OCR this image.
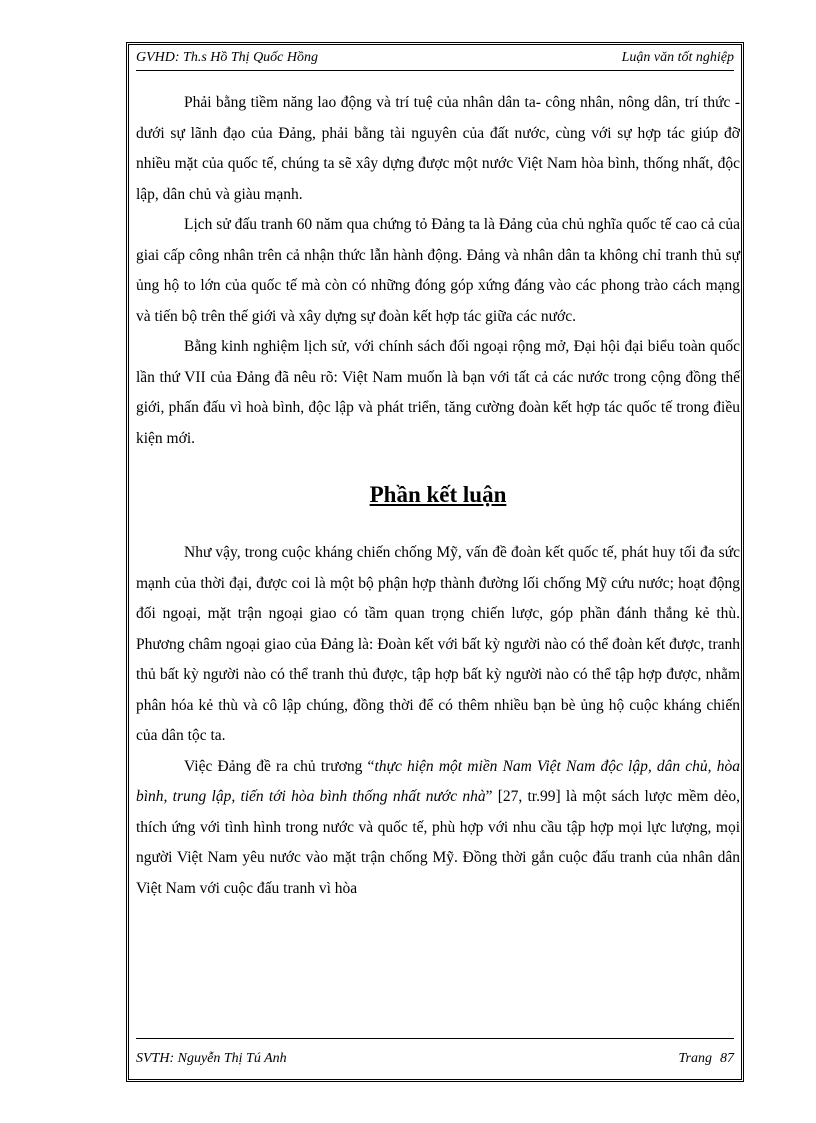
GVHD: Th.s Hồ Thị Quốc Hồng	Luận văn tốt nghiệp

Phải bằng tiềm năng lao động và trí tuệ của nhân dân ta- công nhân, nông dân, trí thức - dưới sự lãnh đạo của Đảng, phải bằng tài nguyên của đất nước, cùng với sự hợp tác giúp đỡ nhiều mặt của quốc tế, chúng ta sẽ xây dựng được một nước Việt Nam hòa bình, thống nhất, độc lập, dân chủ và giàu mạnh.

Lịch sử đấu tranh 60 năm qua chứng tỏ Đảng ta là Đảng của chủ nghĩa quốc tế cao cả của giai cấp công nhân trên cả nhận thức lẫn hành động. Đảng và nhân dân ta không chỉ tranh thủ sự ủng hộ to lớn của quốc tế mà còn có những đóng góp xứng đáng vào các phong trào cách mạng và tiến bộ trên thế giới và xây dựng sự đoàn kết hợp tác giữa các nước.

Bằng kinh nghiệm lịch sử, với chính sách đối ngoại rộng mở, Đại hội đại biểu toàn quốc lần thứ VII của Đảng đã nêu rõ: Việt Nam muốn là bạn với tất cả các nước trong cộng đồng thế giới, phấn đấu vì hoà bình, độc lập và phát triển, tăng cường đoàn kết hợp tác quốc tế trong điều kiện mới.

Phần kết luận

Như vậy, trong cuộc kháng chiến chống Mỹ, vấn đề đoàn kết quốc tế, phát huy tối đa sức mạnh của thời đại, được coi là một bộ phận hợp thành đường lối chống Mỹ cứu nước; hoạt động đối ngoại, mặt trận ngoại giao có tầm quan trọng chiến lược, góp phần đánh thắng kẻ thù. Phương châm ngoại giao của Đảng là: Đoàn kết với bất kỳ người nào có thể đoàn kết được, tranh thủ bất kỳ người nào có thể tranh thủ được, tập hợp bất kỳ người nào có thể tập hợp được, nhằm phân hóa kẻ thù và cô lập chúng, đồng thời để có thêm nhiều bạn bè ủng hộ cuộc kháng chiến của dân tộc ta.

Việc Đảng đề ra chủ trương “thực hiện một miền Nam Việt Nam độc lập, dân chủ, hòa bình, trung lập, tiến tới hòa bình thống nhất nước nhà” [27, tr.99] là một sách lược mềm dẻo, thích ứng với tình hình trong nước và quốc tế, phù hợp với nhu cầu tập hợp mọi lực lượng, mọi người Việt Nam yêu nước vào mặt trận chống Mỹ. Đồng thời gắn cuộc đấu tranh của nhân dân Việt Nam với cuộc đấu tranh vì hòa

SVTH: Nguyễn Thị Tú Anh	Trang 87
